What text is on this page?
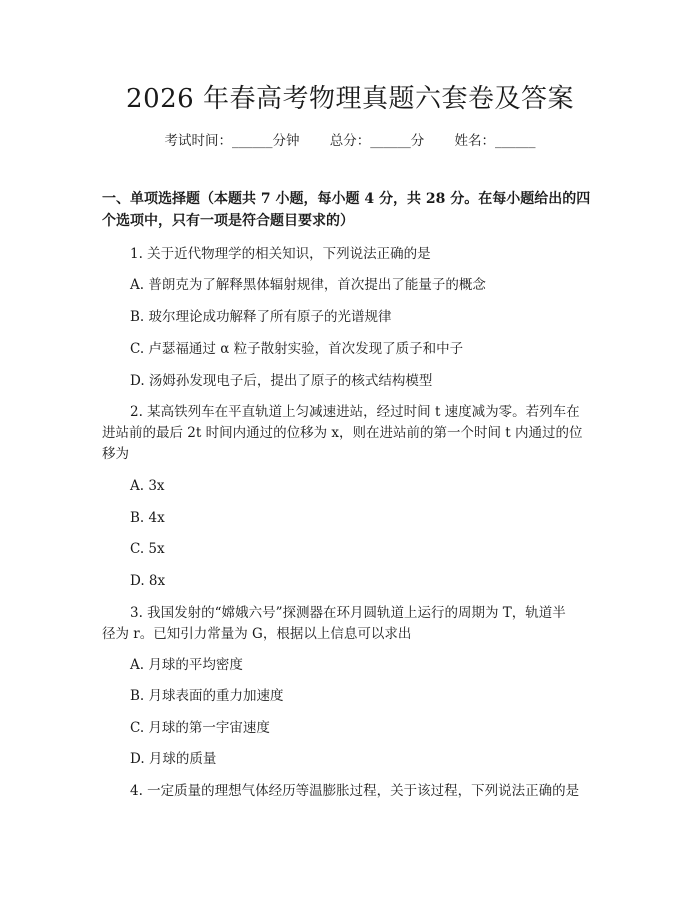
2026 年春高考物理真题六套卷及答案
考试时间：______分钟 总分：______分 姓名：______
一、单项选择题（本题共 7 小题，每小题 4 分，共 28 分。在每小题给出的四个选项中，只有一项是符合题目要求的）
1. 关于近代物理学的相关知识，下列说法正确的是
A. 普朗克为了解释黑体辐射规律，首次提出了能量子的概念
B. 玻尔理论成功解释了所有原子的光谱规律
C. 卢瑟福通过 α 粒子散射实验，首次发现了质子和中子
D. 汤姆孙发现电子后，提出了原子的核式结构模型
2. 某高铁列车在平直轨道上匀减速进站，经过时间 t 速度减为零。若列车在
进站前的最后 2t 时间内通过的位移为 x，则在进站前的第一个时间 t 内通过的位
移为
A. 3x
B. 4x
C. 5x
D. 8x
3. 我国发射的“嫦娥六号”探测器在环月圆轨道上运行的周期为 T，轨道半
径为 r。已知引力常量为 G，根据以上信息可以求出
A. 月球的平均密度
B. 月球表面的重力加速度
C. 月球的第一宇宙速度
D. 月球的质量
4. 一定质量的理想气体经历等温膨胀过程，关于该过程，下列说法正确的是
